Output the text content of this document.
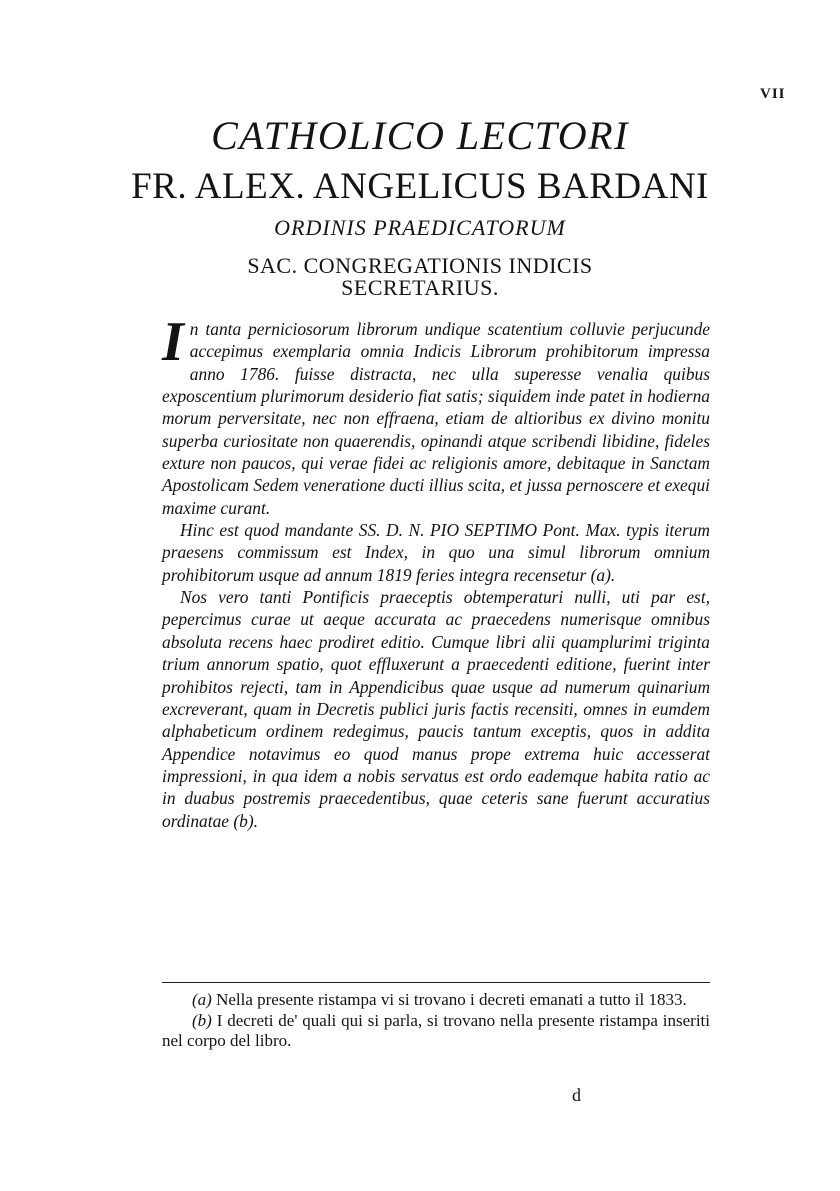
VII
CATHOLICO LECTORI
FR. ALEX. ANGELICUS BARDANI
ORDINIS PRAEDICATORUM
SAC. CONGREGATIONIS INDICIS
SECRETARIUS.

In tanta perniciosorum librorum undique scatentium colluvie perjucunde accepimus exemplaria omnia Indicis Librorum prohibitorum impressa anno 1786. fuisse distracta, nec ulla superesse venalia quibus exposcentium plurimorum desiderio fiat satis; siquidem inde patet in hodierna morum perversitate, nec non effraena, etiam de altioribus ex divino monitu superba curiositate non quaerendis, opinandi atque scribendi libidine, fideles exture non paucos, qui verae fidei ac religionis amore, debitaque in Sanctam Apostolicam Sedem veneratione ducti illius scita, et jussa pernoscere et exequi maxime curant.

Hinc est quod mandante SS. D. N. PIO SEPTIMO Pont. Max. typis iterum praesens commissum est Index, in quo una simul librorum omnium prohibitorum usque ad annum 1819 feries integra recensetur (a).

Nos vero tanti Pontificis praeceptis obtemperaturi nulli, uti par est, pepercimus curae ut aeque accurata ac praecedens numerisque omnibus absoluta recens haec prodiret editio. Cumque libri alii quamplurimi triginta trium annorum spatio, quot effluxerunt a praecedenti editione, fuerint inter prohibitos rejecti, tam in Appendicibus quae usque ad numerum quinarium excreverant, quam in Decretis publici juris factis recensiti, omnes in eumdem alphabeticum ordinem redegimus, paucis tantum exceptis, quos in addita Appendice notavimus eo quod manus prope extrema huic accesserat impressioni, in qua idem a nobis servatus est ordo eademque habita ratio ac in duabus postremis praecedentibus, quae ceteris sane fuerunt accuratius ordinatae (b).

(a) Nella presente ristampa vi si trovano i decreti emanati a tutto il 1833.

(b) I decreti de' quali qui si parla, si trovano nella presente ristampa inseriti nel corpo del libro.

d
